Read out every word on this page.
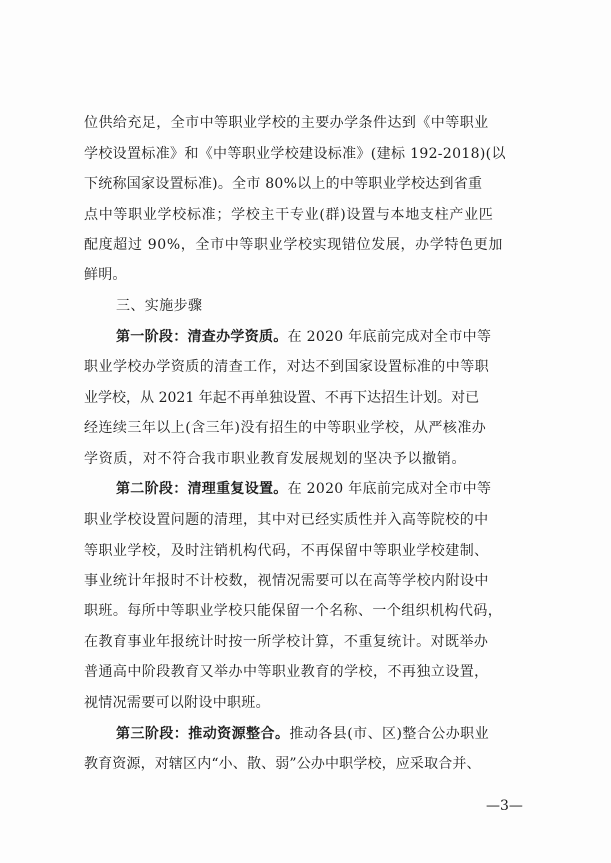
位供给充足，全市中等职业学校的主要办学条件达到《中等职业
学校设置标准》和《中等职业学校建设标准》(建标 192-2018)(以
下统称国家设置标准)。全市 80%以上的中等职业学校达到省重
点中等职业学校标准；学校主干专业(群)设置与本地支柱产业匹
配度超过 90%，全市中等职业学校实现错位发展，办学特色更加
鲜明。
三、实施步骤
第一阶段：清查办学资质。在 2020 年底前完成对全市中等
职业学校办学资质的清查工作，对达不到国家设置标准的中等职
业学校，从 2021 年起不再单独设置、不再下达招生计划。对已
经连续三年以上(含三年)没有招生的中等职业学校，从严核准办
学资质，对不符合我市职业教育发展规划的坚决予以撤销。
第二阶段：清理重复设置。在 2020 年底前完成对全市中等
职业学校设置问题的清理，其中对已经实质性并入高等院校的中
等职业学校，及时注销机构代码，不再保留中等职业学校建制、
事业统计年报时不计校数，视情况需要可以在高等学校内附设中
职班。每所中等职业学校只能保留一个名称、一个组织机构代码，
在教育事业年报统计时按一所学校计算，不重复统计。对既举办
普通高中阶段教育又举办中等职业教育的学校，不再独立设置，
视情况需要可以附设中职班。
第三阶段：推动资源整合。推动各县(市、区)整合公办职业
教育资源，对辖区内“小、散、弱”公办中职学校，应采取合并、
—3—
